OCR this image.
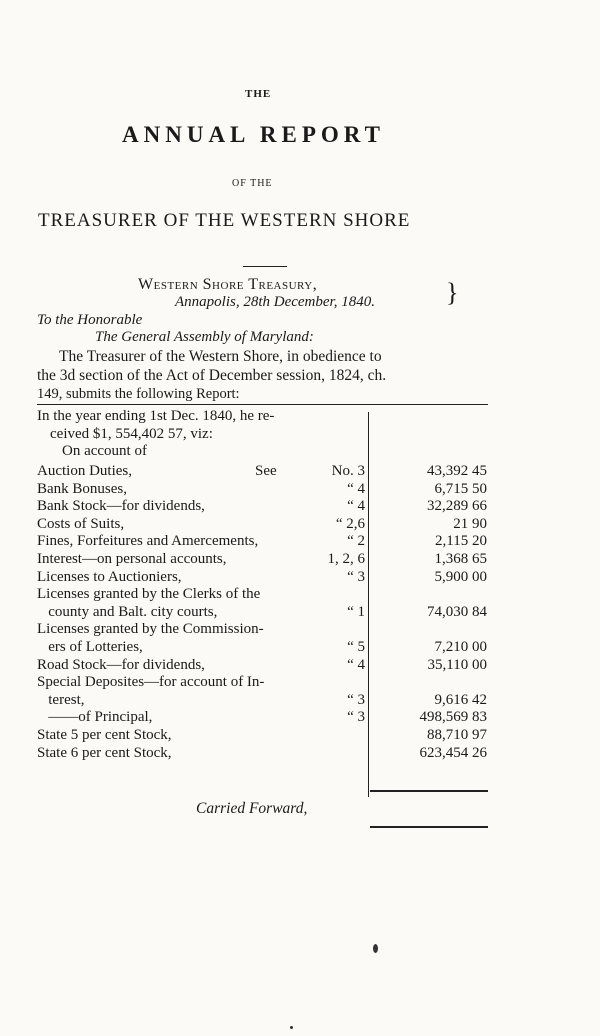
THE
ANNUAL REPORT
OF THE
TREASURER OF THE WESTERN SHORE
Western Shore Treasury,	}
Annapolis, 28th December, 1840.
To the Honorable
The General Assembly of Maryland:
The Treasurer of the Western Shore, in obedience to
the 3d section of the Act of December session, 1824, ch.
149, submits the following Report:
In the year ending 1st Dec. 1840, he re-
ceived $1, 554,402 57, viz:
On account of
Auction Duties,	See	No. 3	43,392 45
Bank Bonuses,	“ 4	6,715 50
Bank Stock—for dividends,	“ 4	32,289 66
Costs of Suits,	“ 2,6	21 90
Fines, Forfeitures and Amercements,	“ 2	2,115 20
Interest—on personal accounts,	1, 2, 6	1,368 65
Licenses to Auctioniers,	“ 3	5,900 00
Licenses granted by the Clerks of the
county and Balt. city courts,	“ 1	74,030 84
Licenses granted by the Commission-
ers of Lotteries,	“ 5	7,210 00
Road Stock—for dividends,	“ 4	35,110 00
Special Deposites—for account of In-
terest,	“ 3	9,616 42
——of Principal,	“ 3	498,569 83
State 5 per cent Stock,	88,710 97
State 6 per cent Stock,	623,454 26
Carried Forward,
